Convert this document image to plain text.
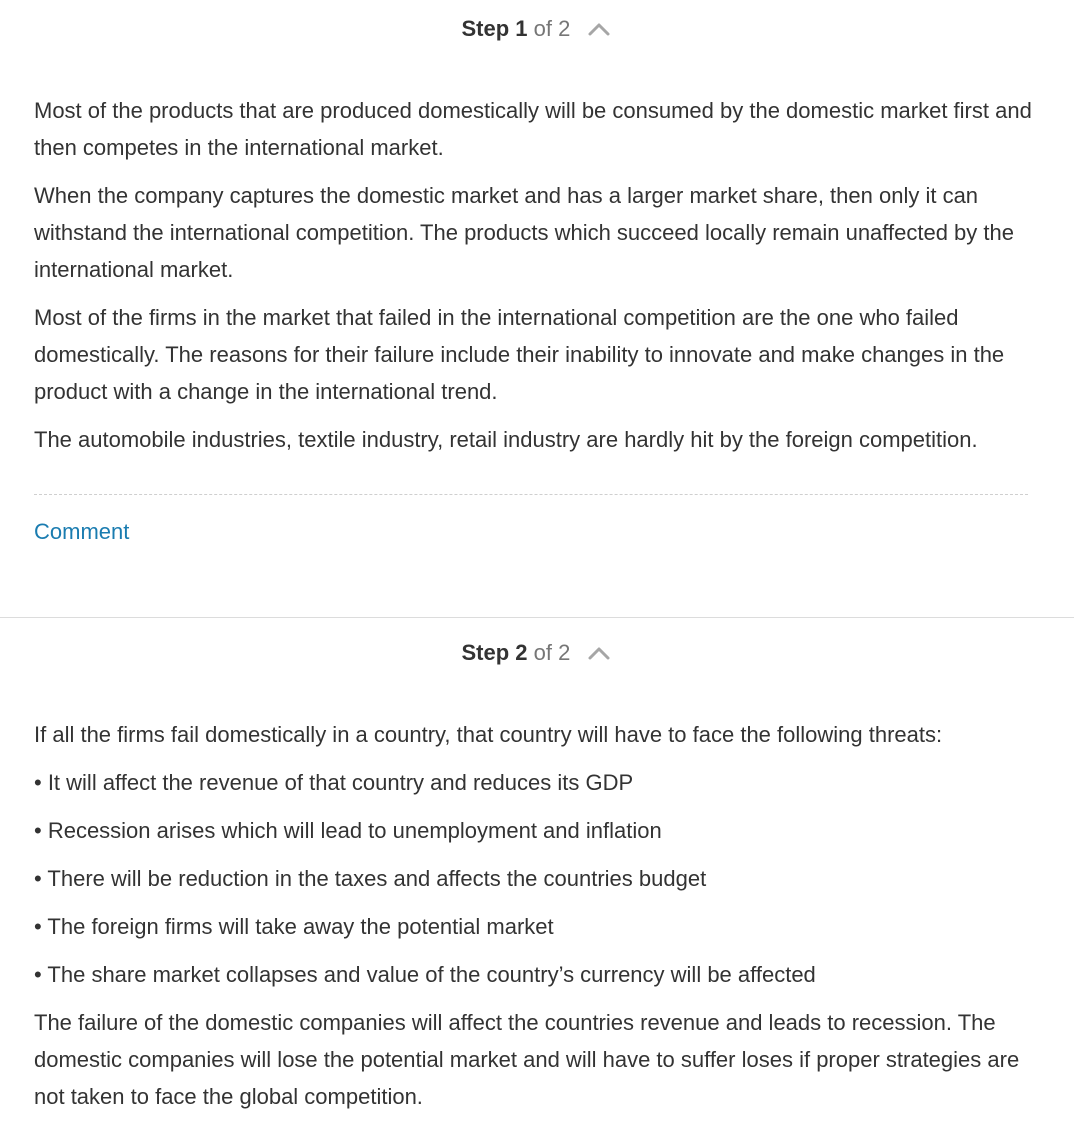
Step 1 of 2

Most of the products that are produced domestically will be consumed by the domestic market first and then competes in the international market.

When the company captures the domestic market and has a larger market share, then only it can withstand the international competition. The products which succeed locally remain unaffected by the international market.

Most of the firms in the market that failed in the international competition are the one who failed domestically. The reasons for their failure include their inability to innovate and make changes in the product with a change in the international trend.

The automobile industries, textile industry, retail industry are hardly hit by the foreign competition.

Comment
Step 2 of 2

If all the firms fail domestically in a country, that country will have to face the following threats:

• It will affect the revenue of that country and reduces its GDP

• Recession arises which will lead to unemployment and inflation

• There will be reduction in the taxes and affects the countries budget

• The foreign firms will take away the potential market

• The share market collapses and value of the country’s currency will be affected

The failure of the domestic companies will affect the countries revenue and leads to recession. The domestic companies will lose the potential market and will have to suffer loses if proper strategies are not taken to face the global competition.
